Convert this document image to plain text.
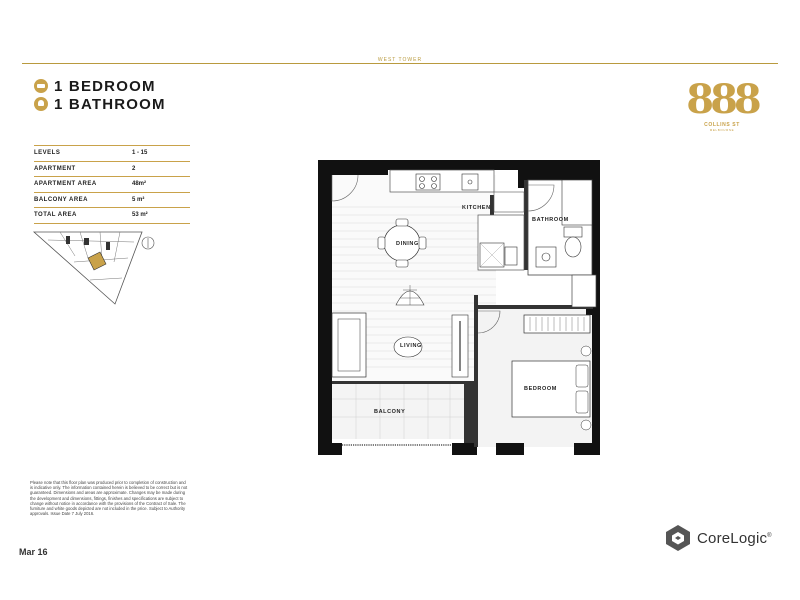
WEST TOWER
1 BEDROOM
1 BATHROOM
LEVELS	1 - 15
APARTMENT	2
APARTMENT AREA	48m²
BALCONY AREA	5 m²
TOTAL AREA	53 m²
888
COLLINS ST
MELBOURNE
KITCHEN
BATHROOM
DINING
LIVING
BEDROOM
BALCONY
Please note that this floor plan was produced prior to completion of construction and is indicative only. The information contained herein is believed to be correct but is not guaranteed. Dimensions and areas are approximate. Changes may be made during the development and dimensions, fittings, finishes and specifications are subject to change without notice in accordance with the provisions of the Contract of Sale. The furniture and white goods depicted are not included in the price. Subject to Authority approvals. Issue Date 7 July 2016.
Mar 16
CoreLogic®
